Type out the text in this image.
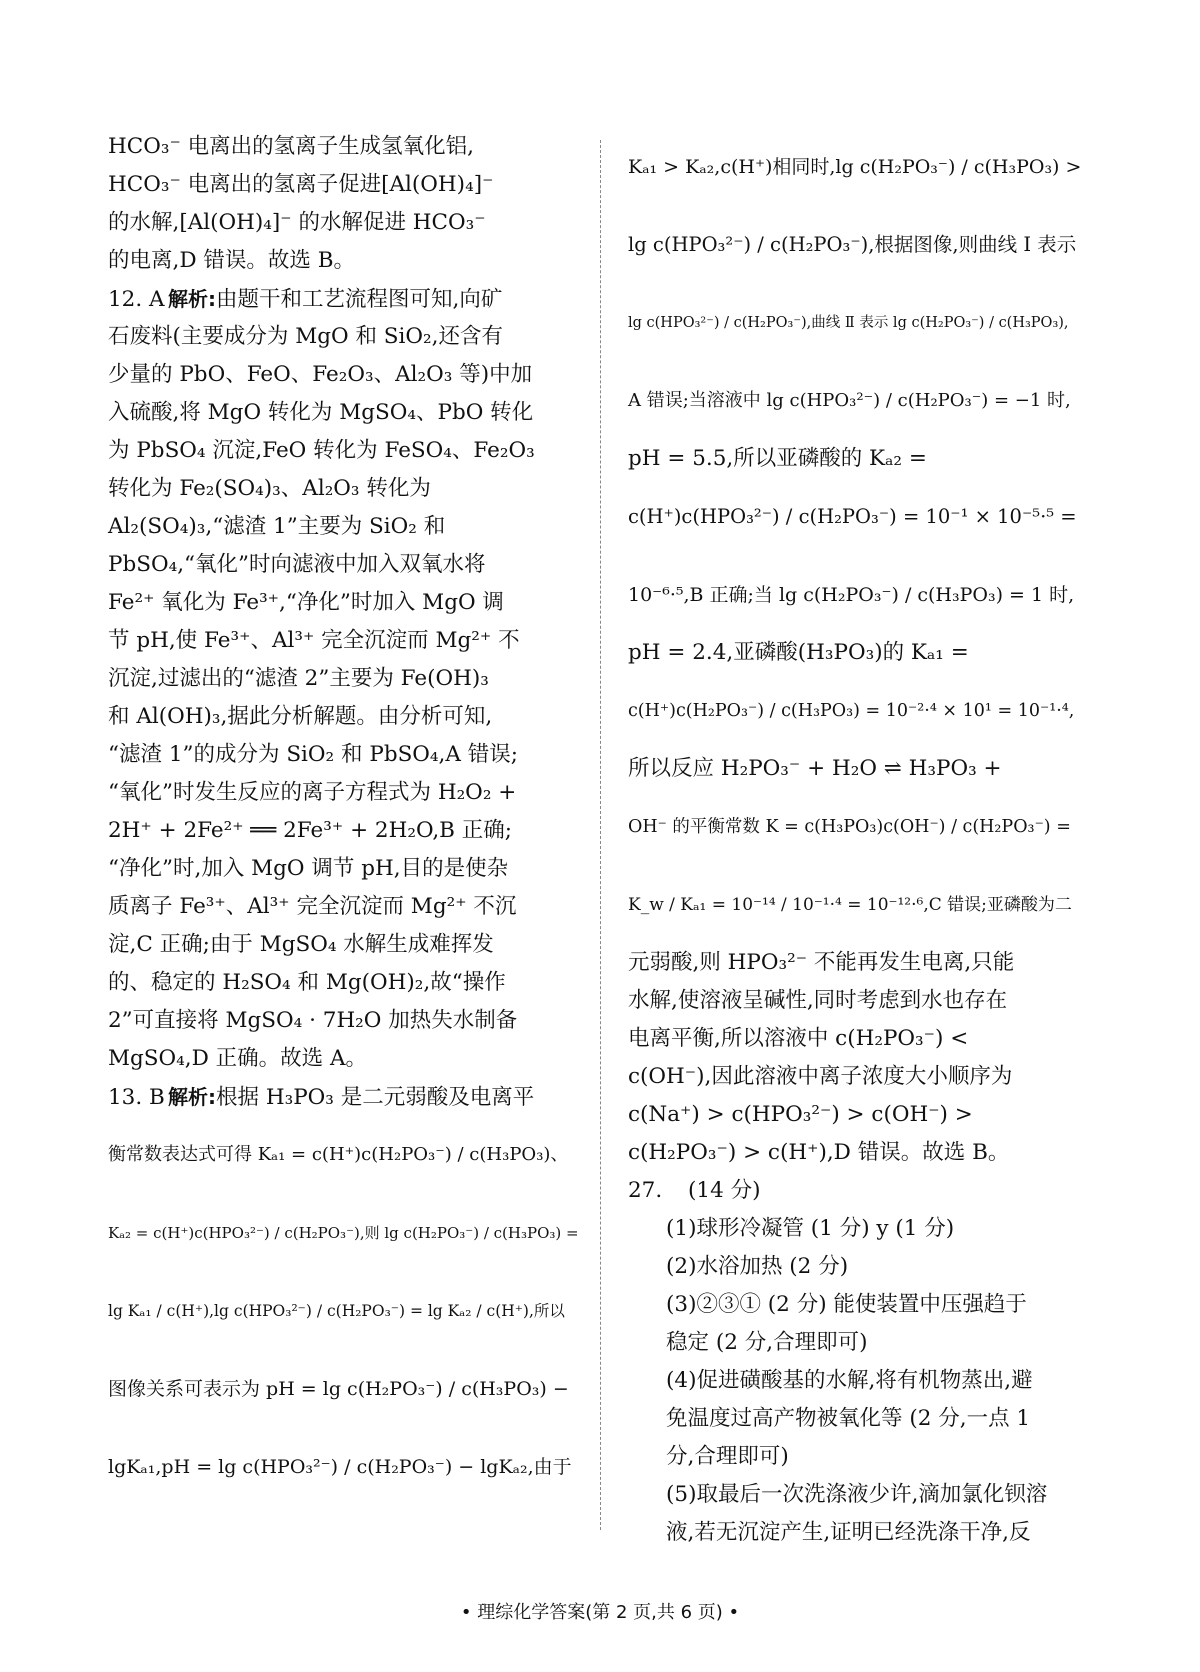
HCO₃⁻ 电离出的氢离子生成氢氧化铝,
HCO₃⁻ 电离出的氢离子促进[Al(OH)₄]⁻
的水解,[Al(OH)₄]⁻ 的水解促进 HCO₃⁻
的电离,D 错误。故选 B。
12. A 解析:由题干和工艺流程图可知,向矿
石废料(主要成分为 MgO 和 SiO₂,还含有
少量的 PbO、FeO、Fe₂O₃、Al₂O₃ 等)中加
入硫酸,将 MgO 转化为 MgSO₄、PbO 转化
为 PbSO₄ 沉淀,FeO 转化为 FeSO₄、Fe₂O₃
转化为 Fe₂(SO₄)₃、Al₂O₃ 转化为
Al₂(SO₄)₃,“滤渣 1”主要为 SiO₂ 和
PbSO₄,“氧化”时向滤液中加入双氧水将
Fe²⁺ 氧化为 Fe³⁺,“净化”时加入 MgO 调
节 pH,使 Fe³⁺、Al³⁺ 完全沉淀而 Mg²⁺ 不
沉淀,过滤出的“滤渣 2”主要为 Fe(OH)₃
和 Al(OH)₃,据此分析解题。由分析可知,
“滤渣 1”的成分为 SiO₂ 和 PbSO₄,A 错误;
“氧化”时发生反应的离子方程式为 H₂O₂ +
2H⁺ + 2Fe²⁺ ══ 2Fe³⁺ + 2H₂O,B 正确;
“净化”时,加入 MgO 调节 pH,目的是使杂
质离子 Fe³⁺、Al³⁺ 完全沉淀而 Mg²⁺ 不沉
淀,C 正确;由于 MgSO₄ 水解生成难挥发
的、稳定的 H₂SO₄ 和 Mg(OH)₂,故“操作
2”可直接将 MgSO₄ · 7H₂O 加热失水制备
MgSO₄,D 正确。故选 A。
13. B 解析:根据 H₃PO₃ 是二元弱酸及电离平
衡常数表达式可得 Kₐ₁ = c(H⁺)c(H₂PO₃⁻) / c(H₃PO₃)、
Kₐ₂ = c(H⁺)c(HPO₃²⁻) / c(H₂PO₃⁻),则 lg c(H₂PO₃⁻) / c(H₃PO₃) =
lg Kₐ₁ / c(H⁺),lg c(HPO₃²⁻) / c(H₂PO₃⁻) = lg Kₐ₂ / c(H⁺),所以
图像关系可表示为 pH = lg c(H₂PO₃⁻) / c(H₃PO₃) −
lgKₐ₁,pH = lg c(HPO₃²⁻) / c(H₂PO₃⁻) − lgKₐ₂,由于
Kₐ₁ > Kₐ₂,c(H⁺)相同时,lg c(H₂PO₃⁻) / c(H₃PO₃) >
lg c(HPO₃²⁻) / c(H₂PO₃⁻),根据图像,则曲线 Ⅰ 表示
lg c(HPO₃²⁻) / c(H₂PO₃⁻),曲线 Ⅱ 表示 lg c(H₂PO₃⁻) / c(H₃PO₃),
A 错误;当溶液中 lg c(HPO₃²⁻) / c(H₂PO₃⁻) = −1 时,
pH = 5.5,所以亚磷酸的 Kₐ₂ =
c(H⁺)c(HPO₃²⁻) / c(H₂PO₃⁻) = 10⁻¹ × 10⁻⁵·⁵ =
10⁻⁶·⁵,B 正确;当 lg c(H₂PO₃⁻) / c(H₃PO₃) = 1 时,
pH = 2.4,亚磷酸(H₃PO₃)的 Kₐ₁ =
c(H⁺)c(H₂PO₃⁻) / c(H₃PO₃) = 10⁻²·⁴ × 10¹ = 10⁻¹·⁴,
所以反应 H₂PO₃⁻ + H₂O ⇌ H₃PO₃ +
OH⁻ 的平衡常数 K = c(H₃PO₃)c(OH⁻) / c(H₂PO₃⁻) =
K_w / Kₐ₁ = 10⁻¹⁴ / 10⁻¹·⁴ = 10⁻¹²·⁶,C 错误;亚磷酸为二
元弱酸,则 HPO₃²⁻ 不能再发生电离,只能
水解,使溶液呈碱性,同时考虑到水也存在
电离平衡,所以溶液中 c(H₂PO₃⁻) <
c(OH⁻),因此溶液中离子浓度大小顺序为
c(Na⁺) > c(HPO₃²⁻) > c(OH⁻) >
c(H₂PO₃⁻) > c(H⁺),D 错误。故选 B。
27. (14 分)
(1)球形冷凝管 (1 分) y (1 分)
(2)水浴加热 (2 分)
(3)②③① (2 分) 能使装置中压强趋于
稳定 (2 分,合理即可)
(4)促进磺酸基的水解,将有机物蒸出,避
免温度过高产物被氧化等 (2 分,一点 1
分,合理即可)
(5)取最后一次洗涤液少许,滴加氯化钡溶
液,若无沉淀产生,证明已经洗涤干净,反
• 理综化学答案(第 2 页,共 6 页) •
